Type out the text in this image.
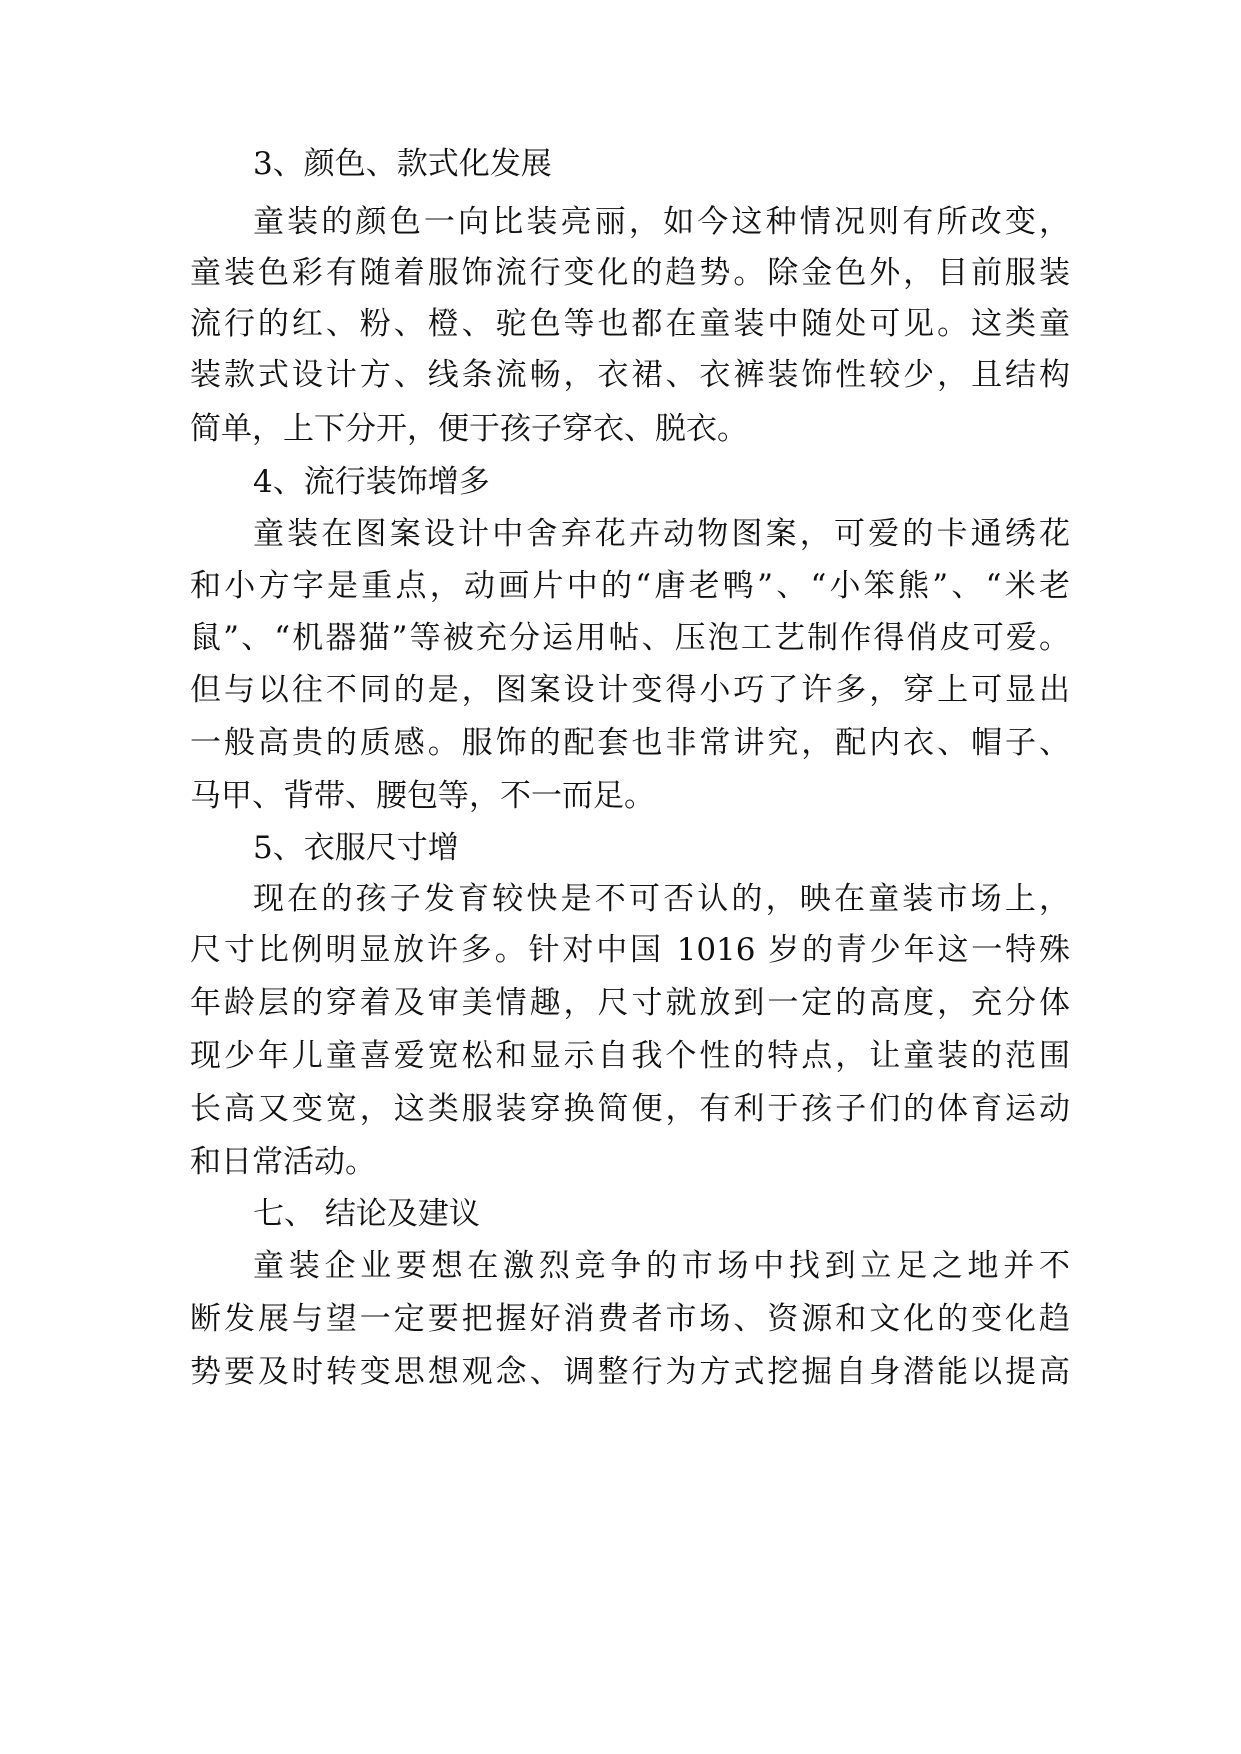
3、颜色、款式化发展
童装的颜色一向比装亮丽，如今这种情况则有所改变，
童装色彩有随着服饰流行变化的趋势。除金色外，目前服装
流行的红、粉、橙、驼色等也都在童装中随处可见。这类童
装款式设计方、线条流畅，衣裙、衣裤装饰性较少，且结构
简单，上下分开，便于孩子穿衣、脱衣。
4、流行装饰增多
童装在图案设计中舍弃花卉动物图案，可爱的卡通绣花
和小方字是重点，动画片中的“唐老鸭”、“小笨熊”、“米老
鼠”、“机器猫”等被充分运用帖、压泡工艺制作得俏皮可爱。
但与以往不同的是，图案设计变得小巧了许多，穿上可显出
一般高贵的质感。服饰的配套也非常讲究，配内衣、帽子、
马甲、背带、腰包等，不一而足。
5、衣服尺寸增
现在的孩子发育较快是不可否认的，映在童装市场上，
尺寸比例明显放许多。针对中国 1016 岁的青少年这一特殊
年龄层的穿着及审美情趣，尺寸就放到一定的高度，充分体
现少年儿童喜爱宽松和显示自我个性的特点，让童装的范围
长高又变宽，这类服装穿换简便，有利于孩子们的体育运动
和日常活动。
七、 结论及建议
童装企业要想在激烈竞争的市场中找到立足之地并不
断发展与望一定要把握好消费者市场、资源和文化的变化趋
势要及时转变思想观念、调整行为方式挖掘自身潜能以提高
